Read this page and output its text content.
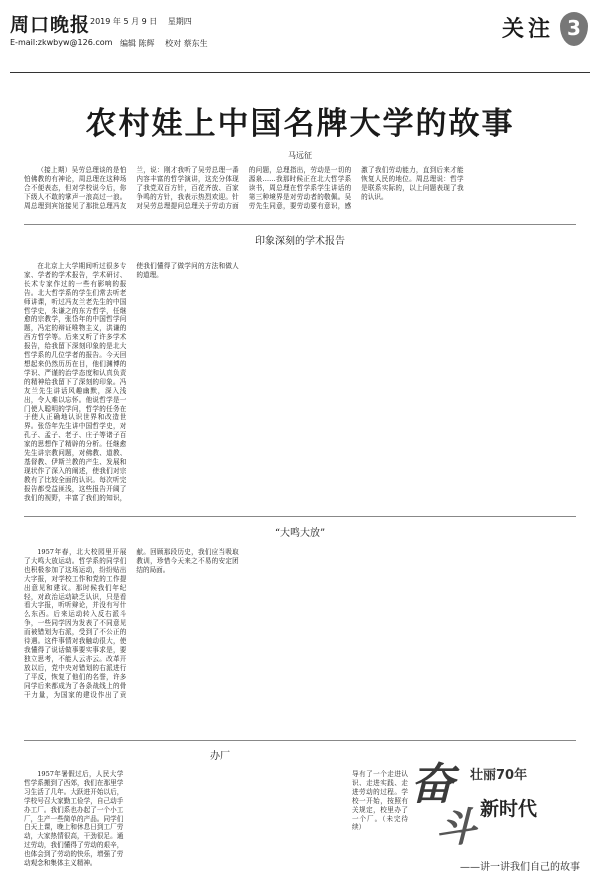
周口晚报
E-mail:zkwbyw@126.com
2019 年 5 月 9 日 星期四
编辑 陈辉 校对 蔡东生
关注 3
农村娃上中国名牌大学的故事
马远征

（接上期）吴劳总理谈的是怕怕佛教的有神论，周总理在这种场合不便表态，但对学校说今后，你下级人不敢的掌声一浪高过一浪。周总理到宾馆接见了那批总理冯友兰，说：刚才我听了吴劳总理一番内容丰富的哲学演讲，这充分体现了我党双百方针，百花齐放、百家争鸣的方针，我表示热烈欢迎。针对吴劳总理提问总理关于劳动方面的问题，总理指出，劳动是一切的源泉……我那时候正在北大哲学系读书，周总理在哲学系学生讲话的第三种境界是对劳动者的敬佩。吴劳先生同意，要劳动要有意识，感激了我们劳动能力，直到后来才能恢复人民的地位。周总理说：哲学是联系实际的，以上问题表现了我的认识。

印象深刻的学术报告

在北京上大学期间听过很多专家、学者的学术报告，学术研讨、长术专家作过的一些有影响的报告。北大哲学系的学生们常去听老师讲课，听过冯友兰老先生的中国哲学史，朱谦之的东方哲学，任继愈的宗教学，张岱年的中国哲学问题，冯定的辩证唯物主义，洪谦的西方哲学等。后来又听了许多学术报告，给我留下深刻印象的是北大哲学系的几位学者的报告。今天回想起来仍然历历在目，他们渊博的学识、严谨的治学态度和认真负责的精神给我留下了深刻的印象。冯友兰先生讲话风趣幽默，深入浅出，令人难以忘怀。他说哲学是一门使人聪明的学问，哲学的任务在于使人正确地认识世界和改造世界。张岱年先生讲中国哲学史，对孔子、孟子、老子、庄子等诸子百家的思想作了精辟的分析。任继愈先生讲宗教问题，对佛教、道教、基督教、伊斯兰教的产生、发展和现状作了深入的阐述，使我们对宗教有了比较全面的认识。每次听完报告都受益匪浅，这些报告开阔了我们的视野，丰富了我们的知识，使我们懂得了做学问的方法和做人的道理。

“大鸣大放”

1957年春，北大校园里开展了大鸣大放运动。哲学系的同学们也积极参加了这场运动，纷纷贴出大字报，对学校工作和党的工作提出意见和建议。那时候我们年纪轻，对政治运动缺乏认识，只是看看大字报，听听辩论，并没有写什么东西。后来运动转入反右派斗争，一些同学因为发表了不同意见而被错划为右派，受到了不公正的待遇。这件事情对我触动很大，使我懂得了说话做事要实事求是，要独立思考，不能人云亦云。改革开放以后，党中央对错划的右派进行了平反，恢复了他们的名誉，许多同学后来都成为了各条战线上的骨干力量，为国家的建设作出了贡献。回顾那段历史，我们应当吸取教训，珍惜今天来之不易的安定团结的局面。

办厂

1957年暑假过后，人民大学哲学系搬到了西郊，我们在那里学习生活了几年。大跃进开始以后，学校号召大家勤工俭学，自己动手办工厂。我们系也办起了一个小工厂，生产一些简单的产品。同学们白天上课，晚上和休息日到工厂劳动，大家热情很高，干劲很足。通过劳动，我们懂得了劳动的艰辛，也体会到了劳动的快乐，增强了劳动观念和集体主义精神。

导有了一个走进认识、走进实践、走进劳动的过程。学校一开始，按照有关规定，校里办了一个厂。（未完待续）
奋
斗
壮丽70年
新时代
——讲一讲我们自己的故事
